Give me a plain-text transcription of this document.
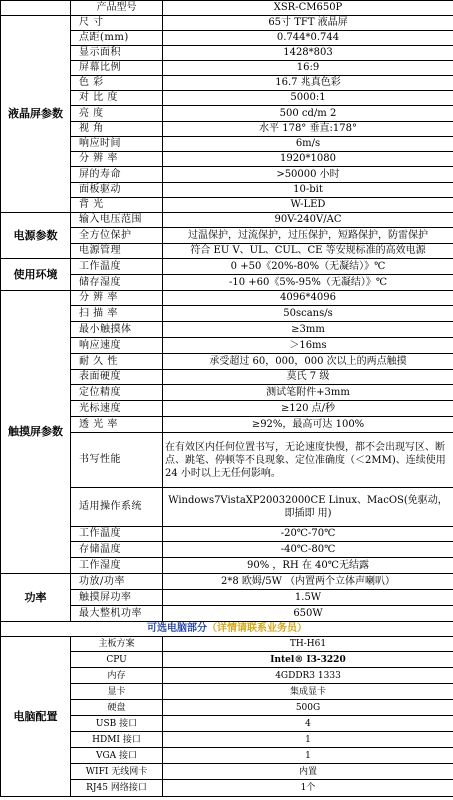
	产品型号	XSR-CM650P
液晶屏参数	尺 寸	65寸 TFT 液晶屏
	点距(mm)	0.744*0.744
	显示面积	1428*803
	屏幕比例	16:9
	色 彩	16.7 兆真色彩
	对 比 度	5000:1
	亮 度	500 cd/m 2
	视 角	水平 178° 垂直:178°
	响应时间	6m/s
	分 辨 率	1920*1080
	屏的寿命	>50000 小时
	面板驱动	10-bit
	背 光	W-LED
电源参数	输入电压范围	90V-240V/AC
	全方位保护	过温保护，过流保护，过压保护，短路保护，防雷保护
	电源管理	符合 EU V、UL、CUL、CE 等安规标准的高效电源
使用环境	工作温度	0 +50《20%-80%（无凝结）》℃
	储存湿度	-10 +60《5%-95%（无凝结）》℃
触摸屏参数	分 辨 率	4096*4096
	扫 描 率	50scans/s
	最小触摸体	≥3mm
	响应速度	＞16ms
	耐 久 性	承受超过 60，000，000 次以上的两点触摸
	表面硬度	莫氏 7 级
	定位精度	测试笔附件+3mm
	光标速度	≥120 点/秒
	透 光 率	≥92%，最高可达 100%
	书写性能	在有效区内任何位置书写，无论速度快慢，都不会出现写区、断点、跳笔、停顿等不良现象、定位准确度（＜2MM)、连续使用 24 小时以上无任何影响。
	适用操作系统	Windows7VistaXP20032000CE Linux、MacOS(免驱动，即插即 用)
	工作温度	-20℃-70℃
	存储温度	-40℃-80℃
	工作湿度	90% ，RH 在 40℃无结露
功率	功放/功率	2*8 欧姆/5W （内置两个立体声喇叭）
	触摸屏功率	1.5W
	最大整机功率	650W
可选电脑部分（详情请联系业务员）		
电脑配置	主板方案	TH-H61
	CPU	Intel® I3-3220
	内存	4GDDR3 1333
	显卡	集成显卡
	硬盘	500G
	USB 接口	4
	HDMI 接口	1
	VGA 接口	1
	WIFI 无线网卡	内置
	RJ45 网络接口	1个
